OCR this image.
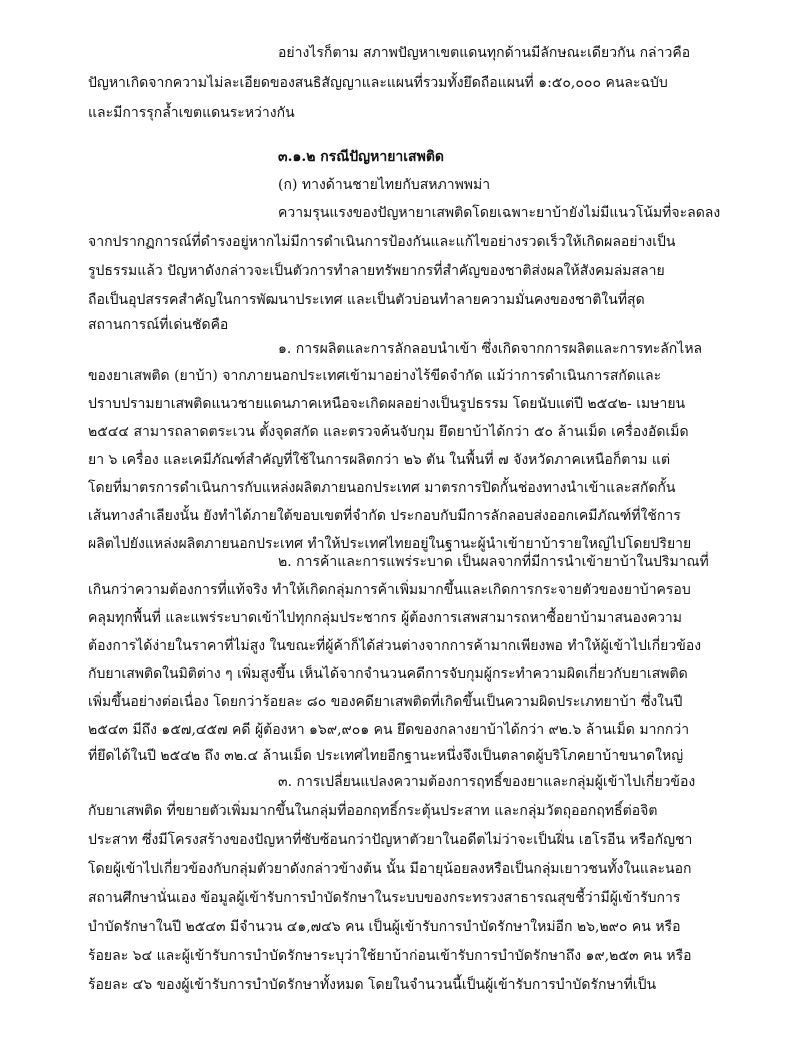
อย่างไรก็ตาม สภาพปัญหาเขตแดนทุกด้านมีลักษณะเดียวกัน กล่าวคือ
ปัญหาเกิดจากความไม่ละเอียดของสนธิสัญญาและแผนที่รวมทั้งยึดถือแผนที่ ๑:๕๐,๐๐๐ คนละฉบับ
และมีการรุกล้ำเขตแดนระหว่างกัน
๓.๑.๒ กรณีปัญหายาเสพติด
(ก) ทางด้านชายไทยกับสหภาพพม่า
ความรุนแรงของปัญหายาเสพติดโดยเฉพาะยาบ้ายังไม่มีแนวโน้มที่จะลดลง
จากปรากฏการณ์ที่ดำรงอยู่หากไม่มีการดำเนินการป้องกันและแก้ไขอย่างรวดเร็วให้เกิดผลอย่างเป็น
รูปธรรมแล้ว ปัญหาดังกล่าวจะเป็นตัวการทำลายทรัพยากรที่สำคัญของชาติส่งผลให้สังคมล่มสลาย
ถือเป็นอุปสรรคสำคัญในการพัฒนาประเทศ และเป็นตัวบ่อนทำลายความมั่นคงของชาติในที่สุด
สถานการณ์ที่เด่นชัดคือ
๑. การผลิตและการลักลอบนำเข้า ซึ่งเกิดจากการผลิตและการทะลักไหล
ของยาเสพติด (ยาบ้า) จากภายนอกประเทศเข้ามาอย่างไร้ขีดจำกัด แม้ว่าการดำเนินการสกัดและ
ปราบปรามยาเสพติดแนวชายแดนภาคเหนือจะเกิดผลอย่างเป็นรูปธรรม โดยนับแต่ปี ๒๕๔๒- เมษายน
๒๕๔๔ สามารถลาดตระเวน ตั้งจุดสกัด และตรวจค้นจับกุม ยึดยาบ้าได้กว่า ๕๐ ล้านเม็ด เครื่องอัดเม็ด
ยา ๖ เครื่อง และเคมีภัณฑ์สำคัญที่ใช้ในการผลิตกว่า ๒๖ ตัน ในพื้นที่ ๗ จังหวัดภาคเหนือก็ตาม แต่
โดยที่มาตรการดำเนินการกับแหล่งผลิตภายนอกประเทศ มาตรการปิดกั้นช่องทางนำเข้าและสกัดกั้น
เส้นทางลำเลียงนั้น ยังทำได้ภายใต้ขอบเขตที่จำกัด ประกอบกับมีการลักลอบส่งออกเคมีภัณฑ์ที่ใช้การ
ผลิตไปยังแหล่งผลิตภายนอกประเทศ ทำให้ประเทศไทยอยู่ในฐานะผู้นำเข้ายาบ้ารายใหญ่ไปโดยปริยาย
๒. การค้าและการแพร่ระบาด เป็นผลจากที่มีการนำเข้ายาบ้าในปริมาณที่
เกินกว่าความต้องการที่แท้จริง ทำให้เกิดกลุ่มการค้าเพิ่มมากขึ้นและเกิดการกระจายตัวของยาบ้าครอบ
คลุมทุกพื้นที่ และแพร่ระบาดเข้าไปทุกกลุ่มประชากร ผู้ต้องการเสพสามารถหาซื้อยาบ้ามาสนองความ
ต้องการได้ง่ายในราคาที่ไม่สูง ในขณะที่ผู้ค้าก็ได้ส่วนต่างจากการค้ามากเพียงพอ ทำให้ผู้เข้าไปเกี่ยวข้อง
กับยาเสพติดในมิติต่าง ๆ เพิ่มสูงขึ้น เห็นได้จากจำนวนคดีการจับกุมผู้กระทำความผิดเกี่ยวกับยาเสพติด
เพิ่มขึ้นอย่างต่อเนื่อง โดยกว่าร้อยละ ๘๐ ของคดียาเสพติดที่เกิดขึ้นเป็นความผิดประเภทยาบ้า ซึ่งในปี
๒๕๔๓ มีถึง ๑๕๗,๔๕๗ คดี ผู้ต้องหา ๑๖๙,๙๐๑ คน ยึดของกลางยาบ้าได้กว่า ๙๒.๖ ล้านเม็ด มากกว่า
ที่ยึดได้ในปี ๒๕๔๒ ถึง ๓๒.๔ ล้านเม็ด ประเทศไทยอีกฐานะหนึ่งจึงเป็นตลาดผู้บริโภคยาบ้าขนาดใหญ่
๓. การเปลี่ยนแปลงความต้องการฤทธิ์ของยาและกลุ่มผู้เข้าไปเกี่ยวข้อง
กับยาเสพติด ที่ขยายตัวเพิ่มมากขึ้นในกลุ่มที่ออกฤทธิ์กระตุ้นประสาท และกลุ่มวัตถุออกฤทธิ์ต่อจิต
ประสาท ซึ่งมีโครงสร้างของปัญหาที่ซับซ้อนกว่าปัญหาตัวยาในอดีตไม่ว่าจะเป็นฝิ่น เฮโรอีน หรือกัญชา
โดยผู้เข้าไปเกี่ยวข้องกับกลุ่มตัวยาดังกล่าวข้างต้น นั้น มีอายุน้อยลงหรือเป็นกลุ่มเยาวชนทั้งในและนอก
สถานศึกษานั่นเอง ข้อมูลผู้เข้ารับการบำบัดรักษาในระบบของกระทรวงสาธารณสุขชี้ว่ามีผู้เข้ารับการ
บำบัดรักษาในปี ๒๕๔๓ มีจำนวน ๔๑,๗๔๖ คน เป็นผู้เข้ารับการบำบัดรักษาใหม่อีก ๒๖,๒๙๐ คน หรือ
ร้อยละ ๖๔ และผู้เข้ารับการบำบัดรักษาระบุว่าใช้ยาบ้าก่อนเข้ารับการบำบัดรักษาถึง ๑๙,๒๕๓ คน หรือ
ร้อยละ ๔๖ ของผู้เข้ารับการบำบัดรักษาทั้งหมด โดยในจำนวนนี้เป็นผู้เข้ารับการบำบัดรักษาที่เป็น
